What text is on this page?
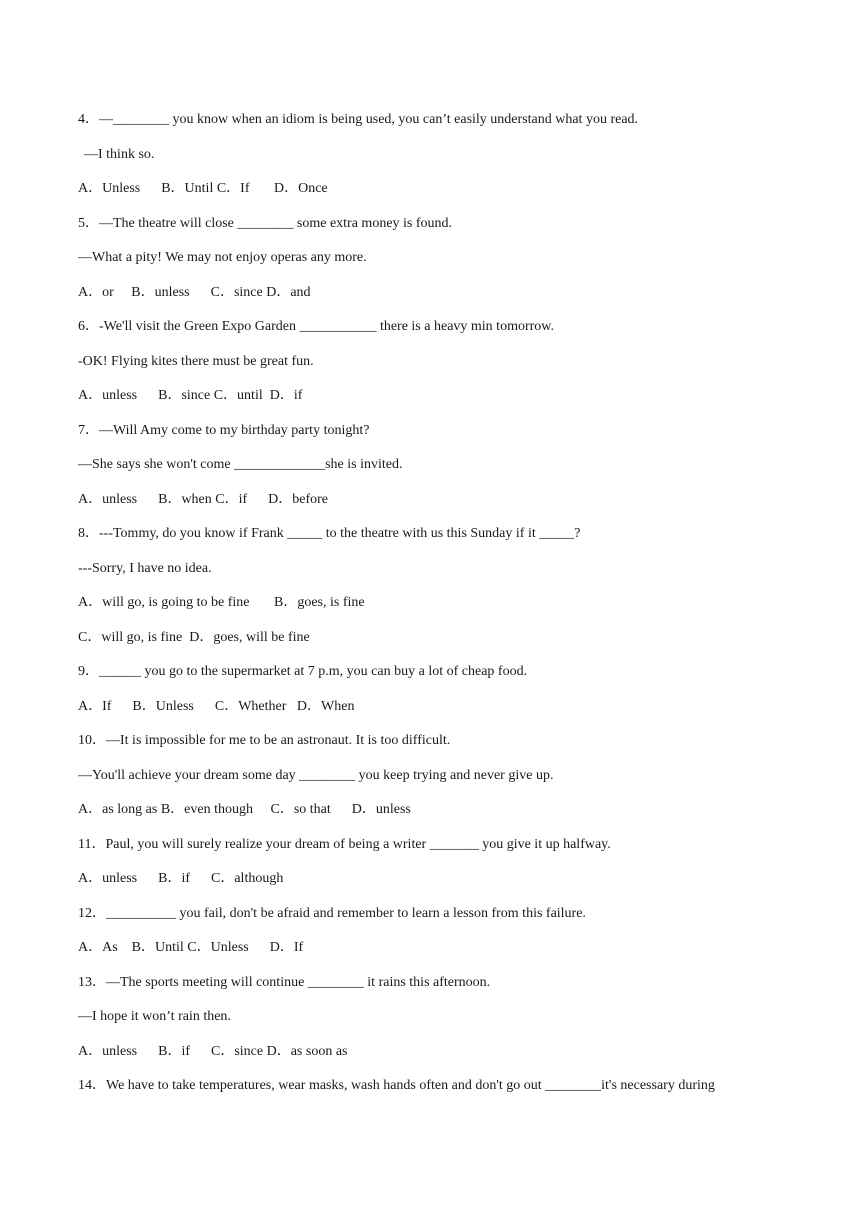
4．—________ you know when an idiom is being used, you can’t easily understand what you read.
—I think so.
A．Unless      B．Until C．If       D．Once
5．—The theatre will close ________ some extra money is found.
—What a pity! We may not enjoy operas any more.
A．or     B．unless      C．since D．and
6．-We'll visit the Green Expo Garden ___________ there is a heavy min tomorrow.
-OK! Flying kites there must be great fun.
A．unless      B．since C．until  D．if
7．—Will Amy come to my birthday party tonight?
—She says she won't come _____________she is invited.
A．unless      B．when C．if      D．before
8．---Tommy, do you know if Frank _____ to the theatre with us this Sunday if it _____?
---Sorry, I have no idea.
A．will go, is going to be fine       B．goes, is fine
C．will go, is fine  D．goes, will be fine
9．______ you go to the supermarket at 7 p.m, you can buy a lot of cheap food.
A．If      B．Unless      C．Whether   D．When
10．—It is impossible for me to be an astronaut. It is too difficult.
—You'll achieve your dream some day ________ you keep trying and never give up.
A．as long as B．even though     C．so that      D．unless
11．Paul, you will surely realize your dream of being a writer _______ you give it up halfway.
A．unless      B．if      C．although
12．__________ you fail, don't be afraid and remember to learn a lesson from this failure.
A．As    B．Until C．Unless      D．If
13．—The sports meeting will continue ________ it rains this afternoon.
—I hope it won’t rain then.
A．unless      B．if      C．since D．as soon as
14．We have to take temperatures, wear masks, wash hands often and don't go out ________it's necessary during
